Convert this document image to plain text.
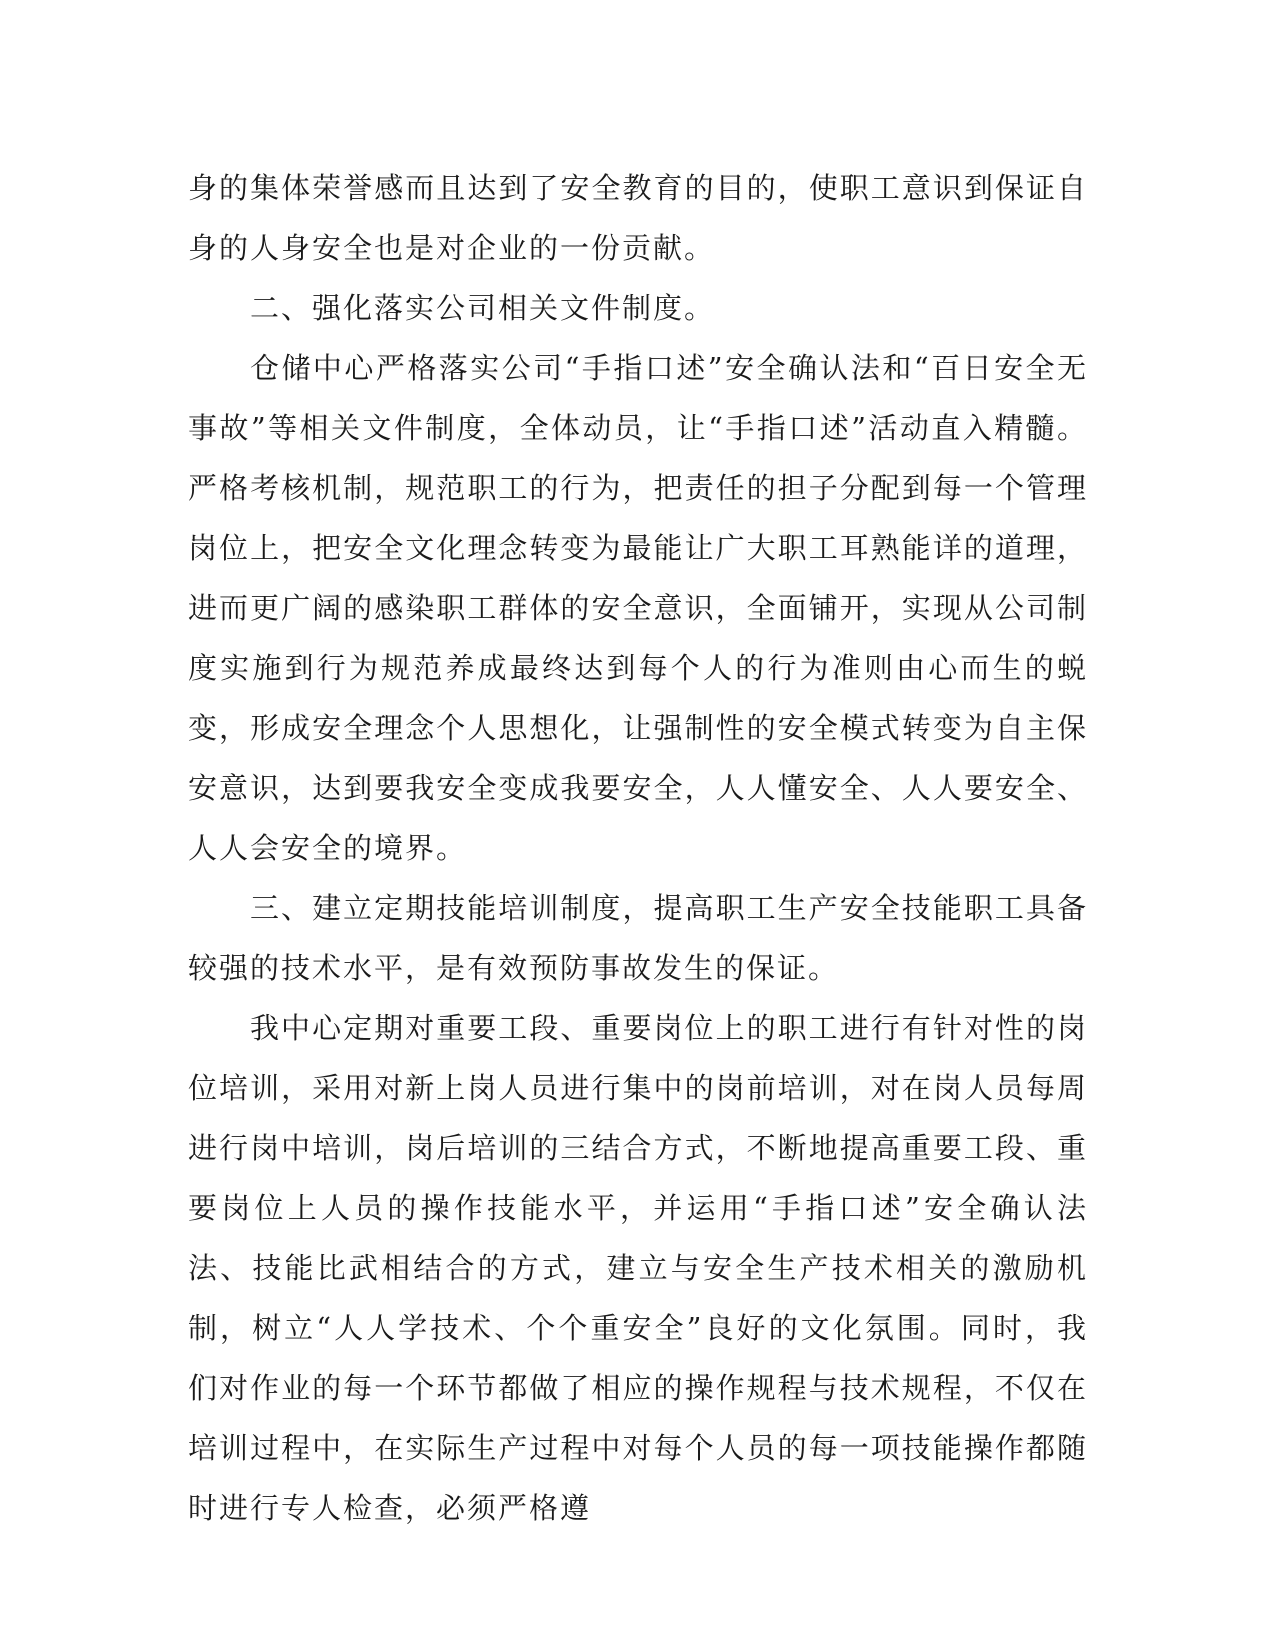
身的集体荣誉感而且达到了安全教育的目的，使职工意识到保证自身的人身安全也是对企业的一份贡献。

二、强化落实公司相关文件制度。

仓储中心严格落实公司“手指口述”安全确认法和“百日安全无事故”等相关文件制度，全体动员，让“手指口述”活动直入精髓。严格考核机制，规范职工的行为，把责任的担子分配到每一个管理岗位上，把安全文化理念转变为最能让广大职工耳熟能详的道理，进而更广阔的感染职工群体的安全意识，全面铺开，实现从公司制度实施到行为规范养成最终达到每个人的行为准则由心而生的蜕变，形成安全理念个人思想化，让强制性的安全模式转变为自主保安意识，达到要我安全变成我要安全，人人懂安全、人人要安全、人人会安全的境界。

三、建立定期技能培训制度，提高职工生产安全技能职工具备较强的技术水平，是有效预防事故发生的保证。

我中心定期对重要工段、重要岗位上的职工进行有针对性的岗位培训，采用对新上岗人员进行集中的岗前培训，对在岗人员每周进行岗中培训，岗后培训的三结合方式，不断地提高重要工段、重要岗位上人员的操作技能水平，并运用“手指口述”安全确认法法、技能比武相结合的方式，建立与安全生产技术相关的激励机制，树立“人人学技术、个个重安全”良好的文化氛围。同时，我们对作业的每一个环节都做了相应的操作规程与技术规程，不仅在培训过程中，在实际生产过程中对每个人员的每一项技能操作都随时进行专人检查，必须严格遵
